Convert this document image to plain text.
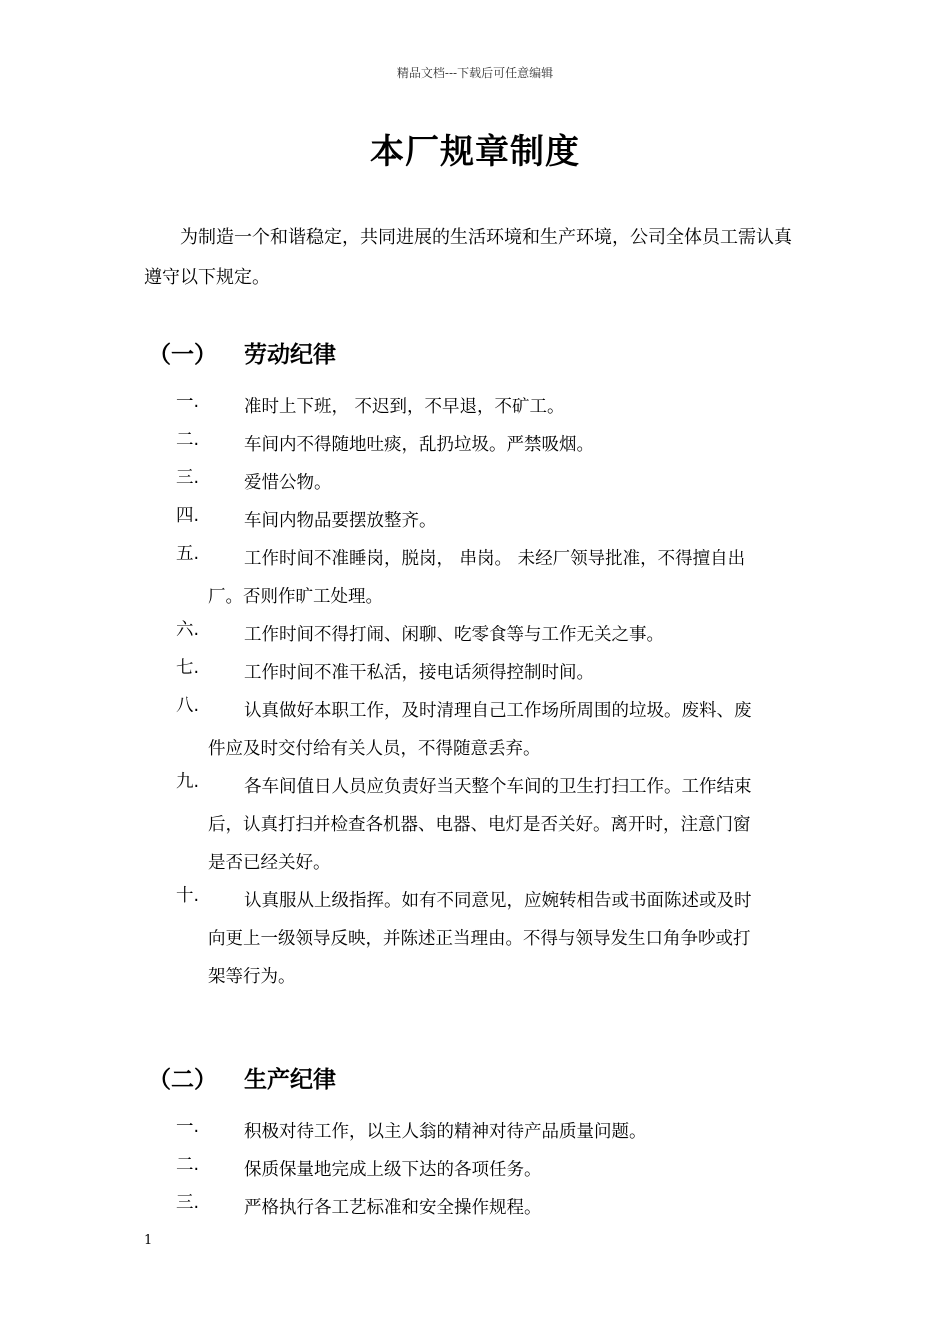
精品文档---下载后可任意编辑
本厂规章制度
为制造一个和谐稳定，共同进展的生活环境和生产环境，公司全体员工需认真遵守以下规定。
（一） 劳动纪律
一.	准时上下班， 不迟到，不早退，不矿工。
二.	车间内不得随地吐痰，乱扔垃圾。严禁吸烟。
三.	爱惜公物。
四.	车间内物品要摆放整齐。
五.	工作时间不准睡岗，脱岗， 串岗。 未经厂领导批准，不得擅自出
厂。否则作旷工处理。
六.	工作时间不得打闹、闲聊、吃零食等与工作无关之事。
七.	工作时间不准干私活，接电话须得控制时间。
八.	认真做好本职工作，及时清理自己工作场所周围的垃圾。废料、废
件应及时交付给有关人员，不得随意丢弃。
九.	各车间值日人员应负责好当天整个车间的卫生打扫工作。工作结束
后，认真打扫并检查各机器、电器、电灯是否关好。离开时，注意门窗
是否已经关好。
十.	认真服从上级指挥。如有不同意见，应婉转相告或书面陈述或及时
向更上一级领导反映，并陈述正当理由。不得与领导发生口角争吵或打
架等行为。
（二） 生产纪律
一.	积极对待工作，以主人翁的精神对待产品质量问题。
二.	保质保量地完成上级下达的各项任务。
三.	严格执行各工艺标准和安全操作规程。
1
